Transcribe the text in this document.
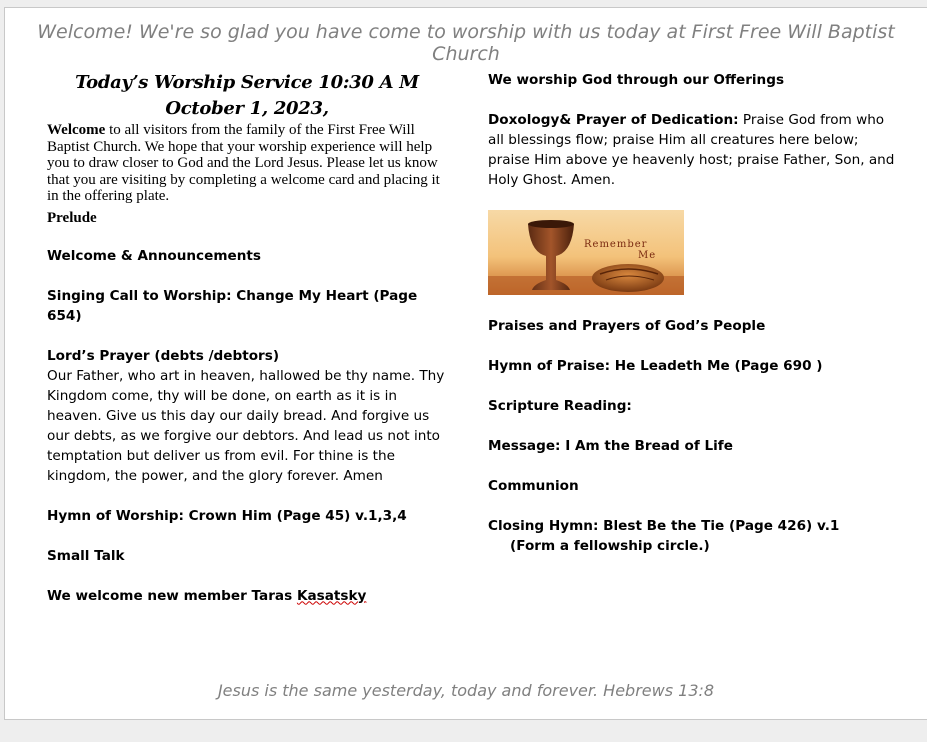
Welcome! We're so glad you have come to worship with us today at First Free Will Baptist Church

Today’s Worship Service 10:30 A M

October 1, 2023,

Welcome to all visitors from the family of the First Free Will Baptist Church. We hope that your worship experience will help you to draw closer to God and the Lord Jesus. Please let us know that you are visiting by completing a welcome card and placing it in the offering plate.

Prelude

Welcome & Announcements

Singing Call to Worship: Change My Heart (Page 654)

Lord’s Prayer (debts /debtors)

Our Father, who art in heaven, hallowed be thy name. Thy Kingdom come, thy will be done, on earth as it is in heaven. Give us this day our daily bread. And forgive us our debts, as we forgive our debtors. And lead us not into temptation but deliver us from evil. For thine is the kingdom, the power, and the glory forever. Amen

Hymn of Worship: Crown Him (Page 45) v.1,3,4

Small Talk

We welcome new member Taras Kasatsky

We worship God through our Offerings

Doxology& Prayer of Dedication: Praise God from who all blessings flow; praise Him all creatures here below; praise Him above ye heavenly host; praise Father, Son, and Holy Ghost. Amen.

Remember
Me

Praises and Prayers of God’s People

Hymn of Praise: He Leadeth Me (Page 690 )

Scripture Reading:

Message: I Am the Bread of Life

Communion

Closing Hymn: Blest Be the Tie (Page 426) v.1

(Form a fellowship circle.)

Jesus is the same yesterday, today and forever. Hebrews 13:8
